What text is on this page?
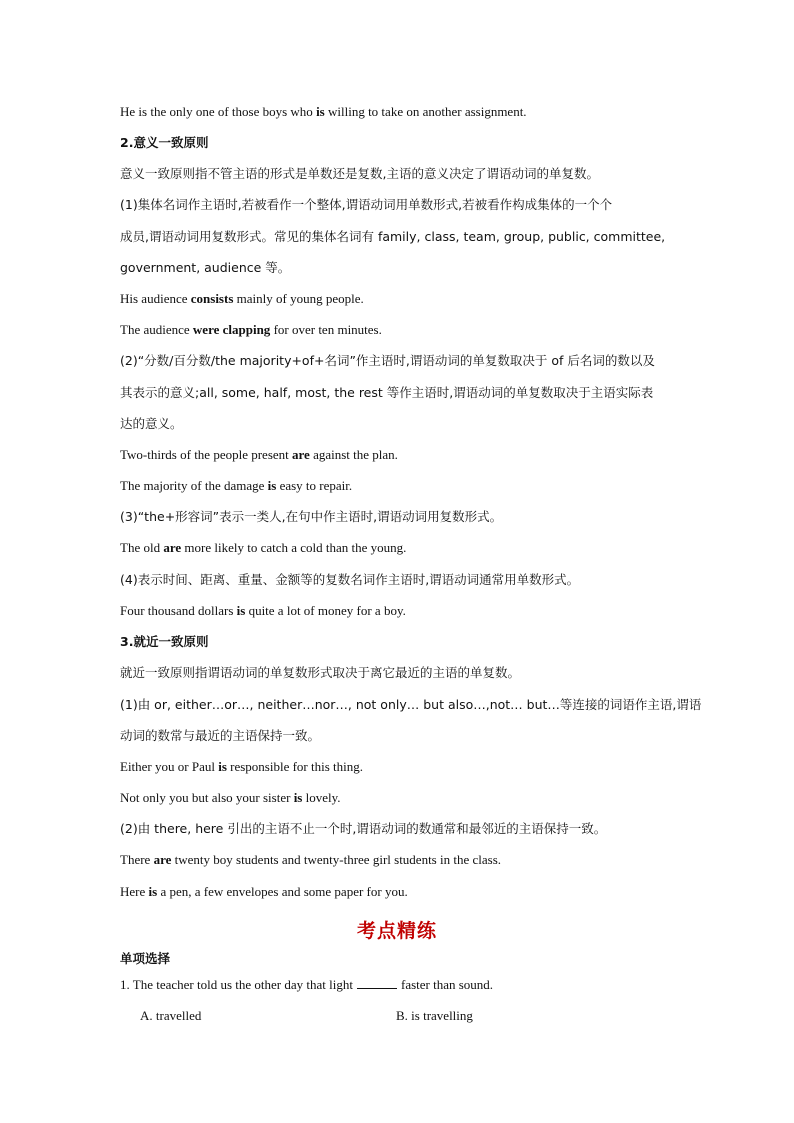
He is the only one of those boys who is willing to take on another assignment.
2.意义一致原则
意义一致原则指不管主语的形式是单数还是复数,主语的意义决定了谓语动词的单复数。
(1)集体名词作主语时,若被看作一个整体,谓语动词用单数形式,若被看作构成集体的一个个
成员,谓语动词用复数形式。常见的集体名词有 family, class, team, group, public, committee,
government, audience 等。
His audience consists mainly of young people.
The audience were clapping for over ten minutes.
(2)“分数/百分数/the majority+of+名词”作主语时,谓语动词的单复数取决于 of 后名词的数以及
其表示的意义;all, some, half, most, the rest 等作主语时,谓语动词的单复数取决于主语实际表
达的意义。
Two-thirds of the people present are against the plan.
The majority of the damage is easy to repair.
(3)“the+形容词”表示一类人,在句中作主语时,谓语动词用复数形式。
The old are more likely to catch a cold than the young.
(4)表示时间、距离、重量、金额等的复数名词作主语时,谓语动词通常用单数形式。
Four thousand dollars is quite a lot of money for a boy.
3.就近一致原则
就近一致原则指谓语动词的单复数形式取决于离它最近的主语的单复数。
(1)由 or, either…or…, neither…nor…, not only… but also…,not… but…等连接的词语作主语,谓语
动词的数常与最近的主语保持一致。
Either you or Paul is responsible for this thing.
Not only you but also your sister is lovely.
(2)由 there, here 引出的主语不止一个时,谓语动词的数通常和最邻近的主语保持一致。
There are twenty boy students and twenty-three girl students in the class.
Here is a pen, a few envelopes and some paper for you.
考点精练
单项选择
1. The teacher told us the other day that light	faster than sound.
A. travelled	B. is travelling
